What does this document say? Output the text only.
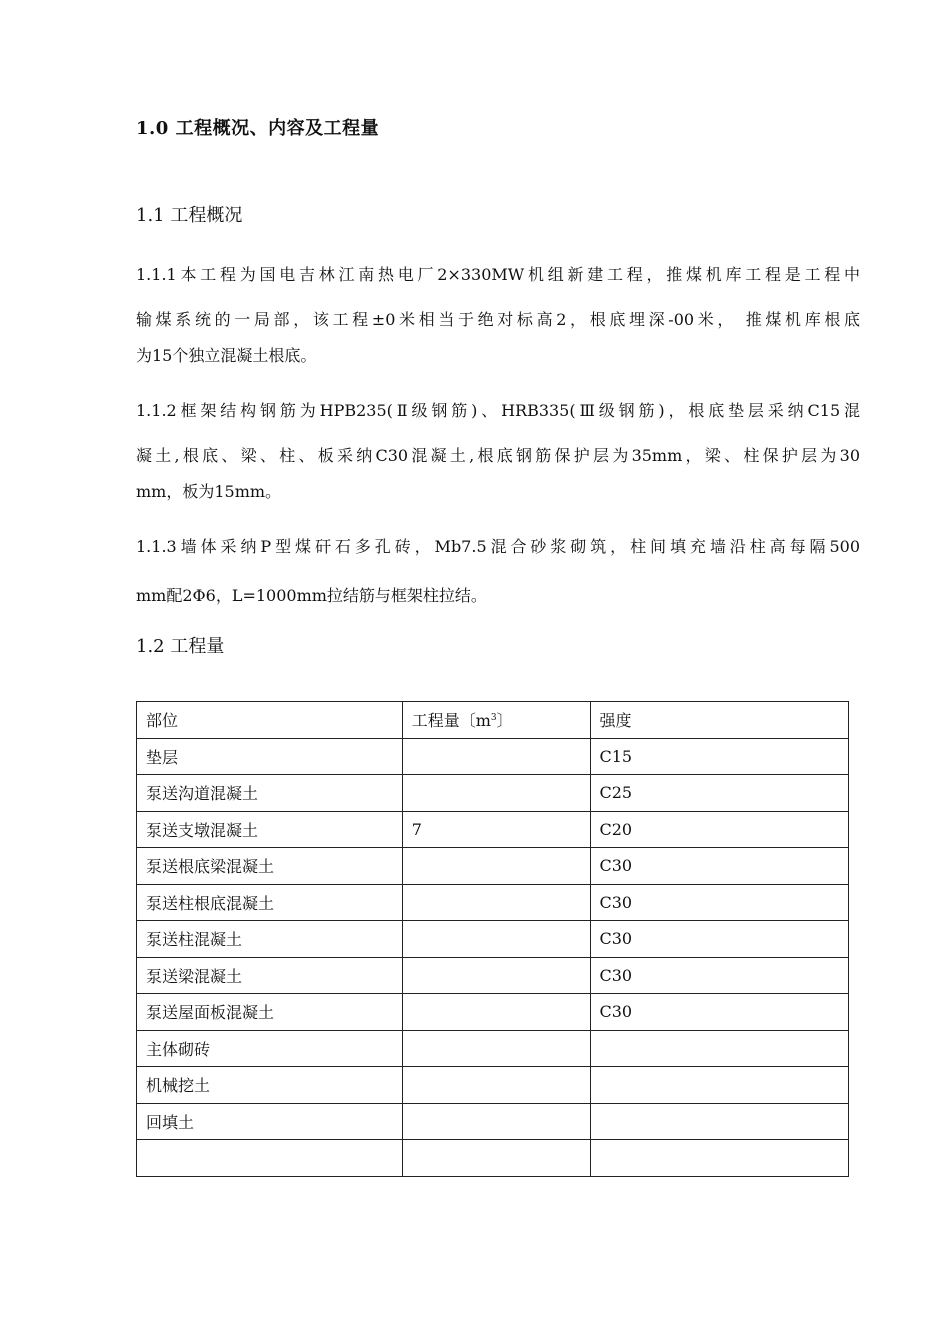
1.0 工程概况、内容及工程量
1.1 工程概况
1.1.1本工程为国电吉林江南热电厂2×330MW机组新建工程，推煤机库工程是工程中
输煤系统的一局部，该工程±0米相当于绝对标高2，根底埋深-00米， 推煤机库根底
为15个独立混凝土根底。
1.1.2框架结构钢筋为HPB235(Ⅱ级钢筋)、HRB335(Ⅲ级钢筋)，根底垫层采纳C15混
凝土,根底、梁、柱、板采纳C30混凝土,根底钢筋保护层为35mm，梁、柱保护层为30
mm，板为15mm。
1.1.3墙体采纳P型煤矸石多孔砖，Mb7.5混合砂浆砌筑，柱间填充墙沿柱高每隔500
mm配2Φ6，L=1000mm拉结筋与框架柱拉结。
1.2 工程量
部位	工程量〔$m^3$〕	强度
垫层		C15
泵送沟道混凝土		C25
泵送支墩混凝土	7	C20
泵送根底梁混凝土		C30
泵送柱根底混凝土		C30
泵送柱混凝土		C30
泵送梁混凝土		C30
泵送屋面板混凝土		C30
主体砌砖		
机械挖土		
回填土		
